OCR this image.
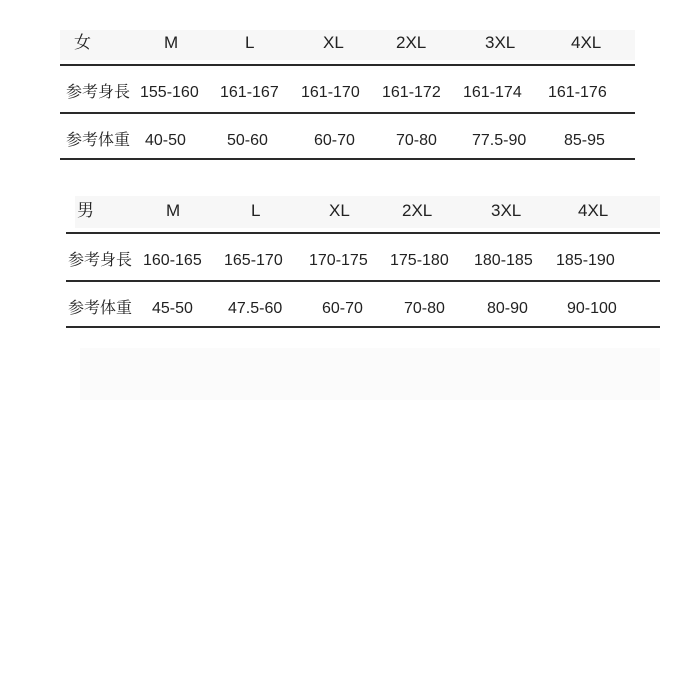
女	M	L	XL	2XL	3XL	4XL
参考身長 155-160 161-167 161-170 161-172 161-174 161-176
参考体重 40-50	50-60	60-70	70-80 77.5-90 85-95
男	M	L	XL	2XL	3XL	4XL
参考身長 160-165 165-170 170-175 175-180 180-185 185-190
参考体重 45-50 47.5-60 60-70	70-80	80-90 90-100
